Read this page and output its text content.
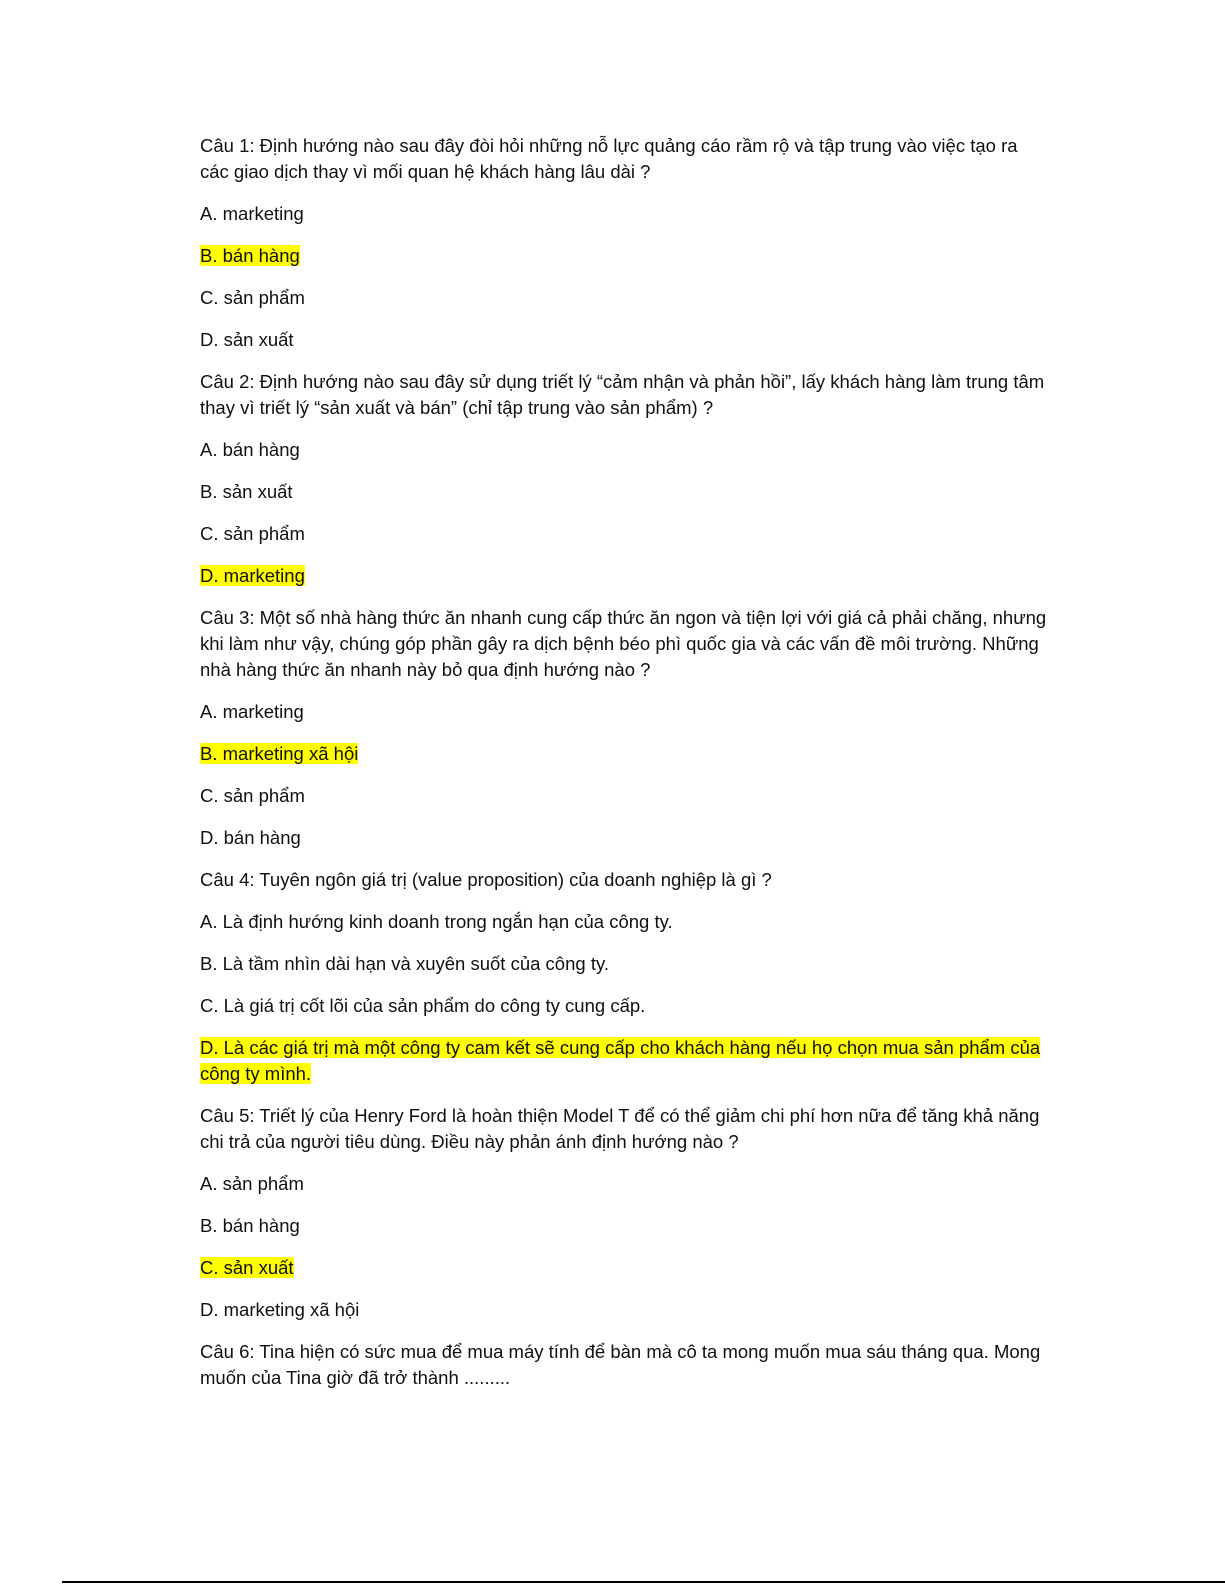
Câu 1: Định hướng nào sau đây đòi hỏi những nỗ lực quảng cáo rầm rộ và tập trung vào việc tạo ra các giao dịch thay vì mối quan hệ khách hàng lâu dài ?

A. marketing

B. bán hàng

C. sản phẩm

D. sản xuất

Câu 2: Định hướng nào sau đây sử dụng triết lý “cảm nhận và phản hồi”, lấy khách hàng làm trung tâm thay vì triết lý “sản xuất và bán” (chỉ tập trung vào sản phẩm) ?

A. bán hàng

B. sản xuất

C. sản phẩm

D. marketing

Câu 3: Một số nhà hàng thức ăn nhanh cung cấp thức ăn ngon và tiện lợi với giá cả phải chăng, nhưng khi làm như vậy, chúng góp phần gây ra dịch bệnh béo phì quốc gia và các vấn đề môi trường. Những nhà hàng thức ăn nhanh này bỏ qua định hướng nào ?

A. marketing

B. marketing xã hội

C. sản phẩm

D. bán hàng

Câu 4: Tuyên ngôn giá trị (value proposition) của doanh nghiệp là gì ?

A. Là định hướng kinh doanh trong ngắn hạn của công ty.

B. Là tầm nhìn dài hạn và xuyên suốt của công ty.

C. Là giá trị cốt lõi của sản phẩm do công ty cung cấp.

D. Là các giá trị mà một công ty cam kết sẽ cung cấp cho khách hàng nếu họ chọn mua sản phẩm của công ty mình.

Câu 5: Triết lý của Henry Ford là hoàn thiện Model T để có thể giảm chi phí hơn nữa để tăng khả năng chi trả của người tiêu dùng. Điều này phản ánh định hướng nào ?

A. sản phẩm

B. bán hàng

C. sản xuất

D. marketing xã hội

Câu 6: Tina hiện có sức mua để mua máy tính để bàn mà cô ta mong muốn mua sáu tháng qua. Mong muốn của Tina giờ đã trở thành .........
